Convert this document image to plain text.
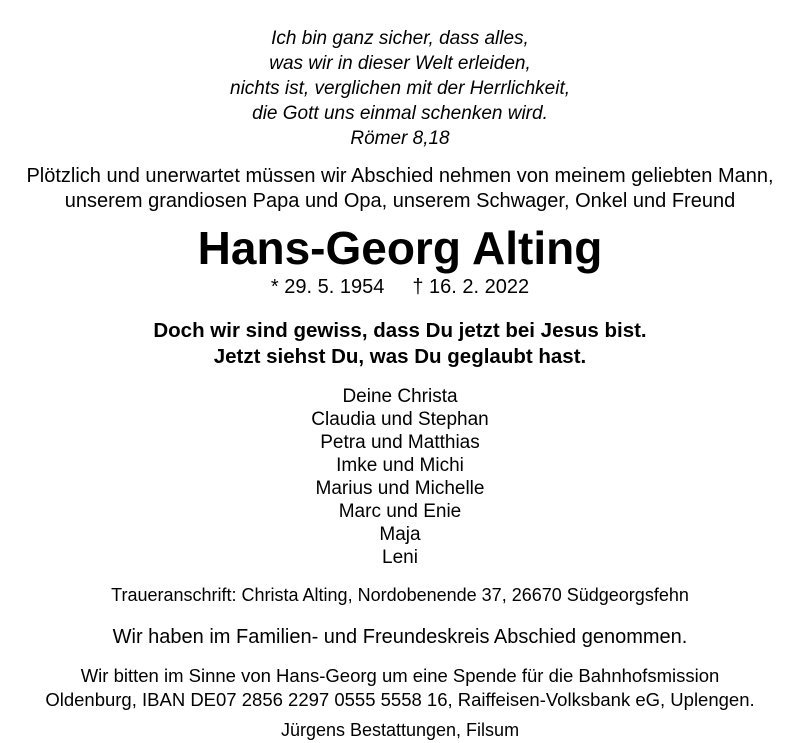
Ich bin ganz sicher, dass alles,
was wir in dieser Welt erleiden,
nichts ist, verglichen mit der Herrlichkeit,
die Gott uns einmal schenken wird.
Römer 8,18
Plötzlich und unerwartet müssen wir Abschied nehmen von meinem geliebten Mann,
unserem grandiosen Papa und Opa, unserem Schwager, Onkel und Freund
Hans-Georg Alting
* 29. 5. 1954 † 16. 2. 2022
Doch wir sind gewiss, dass Du jetzt bei Jesus bist.
Jetzt siehst Du, was Du geglaubt hast.
Deine Christa
Claudia und Stephan
Petra und Matthias
Imke und Michi
Marius und Michelle
Marc und Enie
Maja
Leni

Traueranschrift: Christa Alting, Nordobenende 37, 26670 Südgeorgsfehn

Wir haben im Familien- und Freundeskreis Abschied genommen.

Wir bitten im Sinne von Hans-Georg um eine Spende für die Bahnhofsmission
Oldenburg, IBAN DE07 2856 2297 0555 5558 16, Raiffeisen-Volksbank eG, Uplengen.

Jürgens Bestattungen, Filsum
